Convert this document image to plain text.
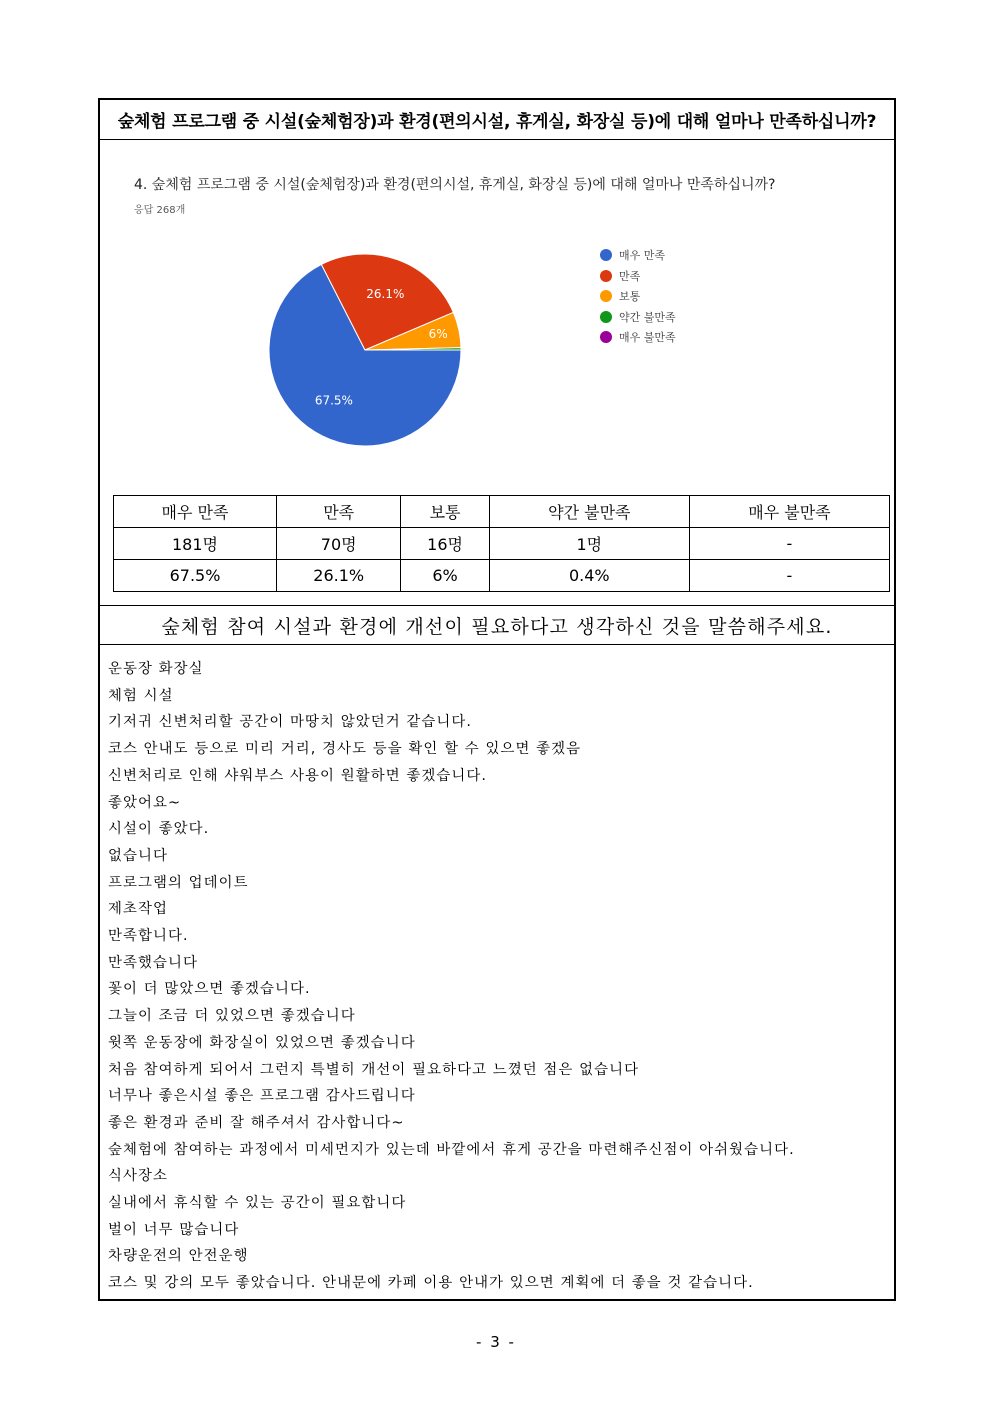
숲체험 프로그램 중 시설(숲체험장)과 환경(편의시설, 휴게실, 화장실 등)에 대해 얼마나 만족하십니까?
4. 숲체험 프로그램 중 시설(숲체험장)과 환경(편의시설, 휴게실, 화장실 등)에 대해 얼마나 만족하십니까?
응답 268개
67.5%
26.1%
6%
매우 만족
만족
보통
약간 불만족
매우 불만족
매우 만족	만족	보통	약간 불만족	매우 불만족
181명	70명	16명	1명	-
67.5%	26.1%	6%	0.4%	-
숲체험 참여 시설과 환경에 개선이 필요하다고 생각하신 것을 말씀해주세요.
운동장 화장실
체험 시설
기저귀 신변처리할 공간이 마땅치 않았던거 같습니다.
코스 안내도 등으로 미리 거리, 경사도 등을 확인 할 수 있으면 좋겠음
신변처리로 인해 샤워부스 사용이 원활하면 좋겠습니다.
좋았어요~
시설이 좋았다.
없습니다
프로그램의 업데이트
제초작업
만족합니다.
만족했습니다
꽃이 더 많았으면 좋겠습니다.
그늘이 조금 더 있었으면 좋겠습니다
윗쪽 운동장에 화장실이 있었으면 좋겠습니다
처음 참여하게 되어서 그런지 특별히 개선이 필요하다고 느꼈던 점은 없습니다
너무나 좋은시설 좋은 프로그램 감사드립니다
좋은 환경과 준비 잘 해주셔서 감사합니다~
숲체험에 참여하는 과정에서 미세먼지가 있는데 바깥에서 휴게 공간을 마련해주신점이 아쉬웠습니다.
식사장소
실내에서 휴식할 수 있는 공간이 필요합니다
벌이 너무 많습니다
차량운전의 안전운행
코스 및 강의 모두 좋았습니다. 안내문에 카페 이용 안내가 있으면 계획에 더 좋을 것 같습니다.
- 3 -
